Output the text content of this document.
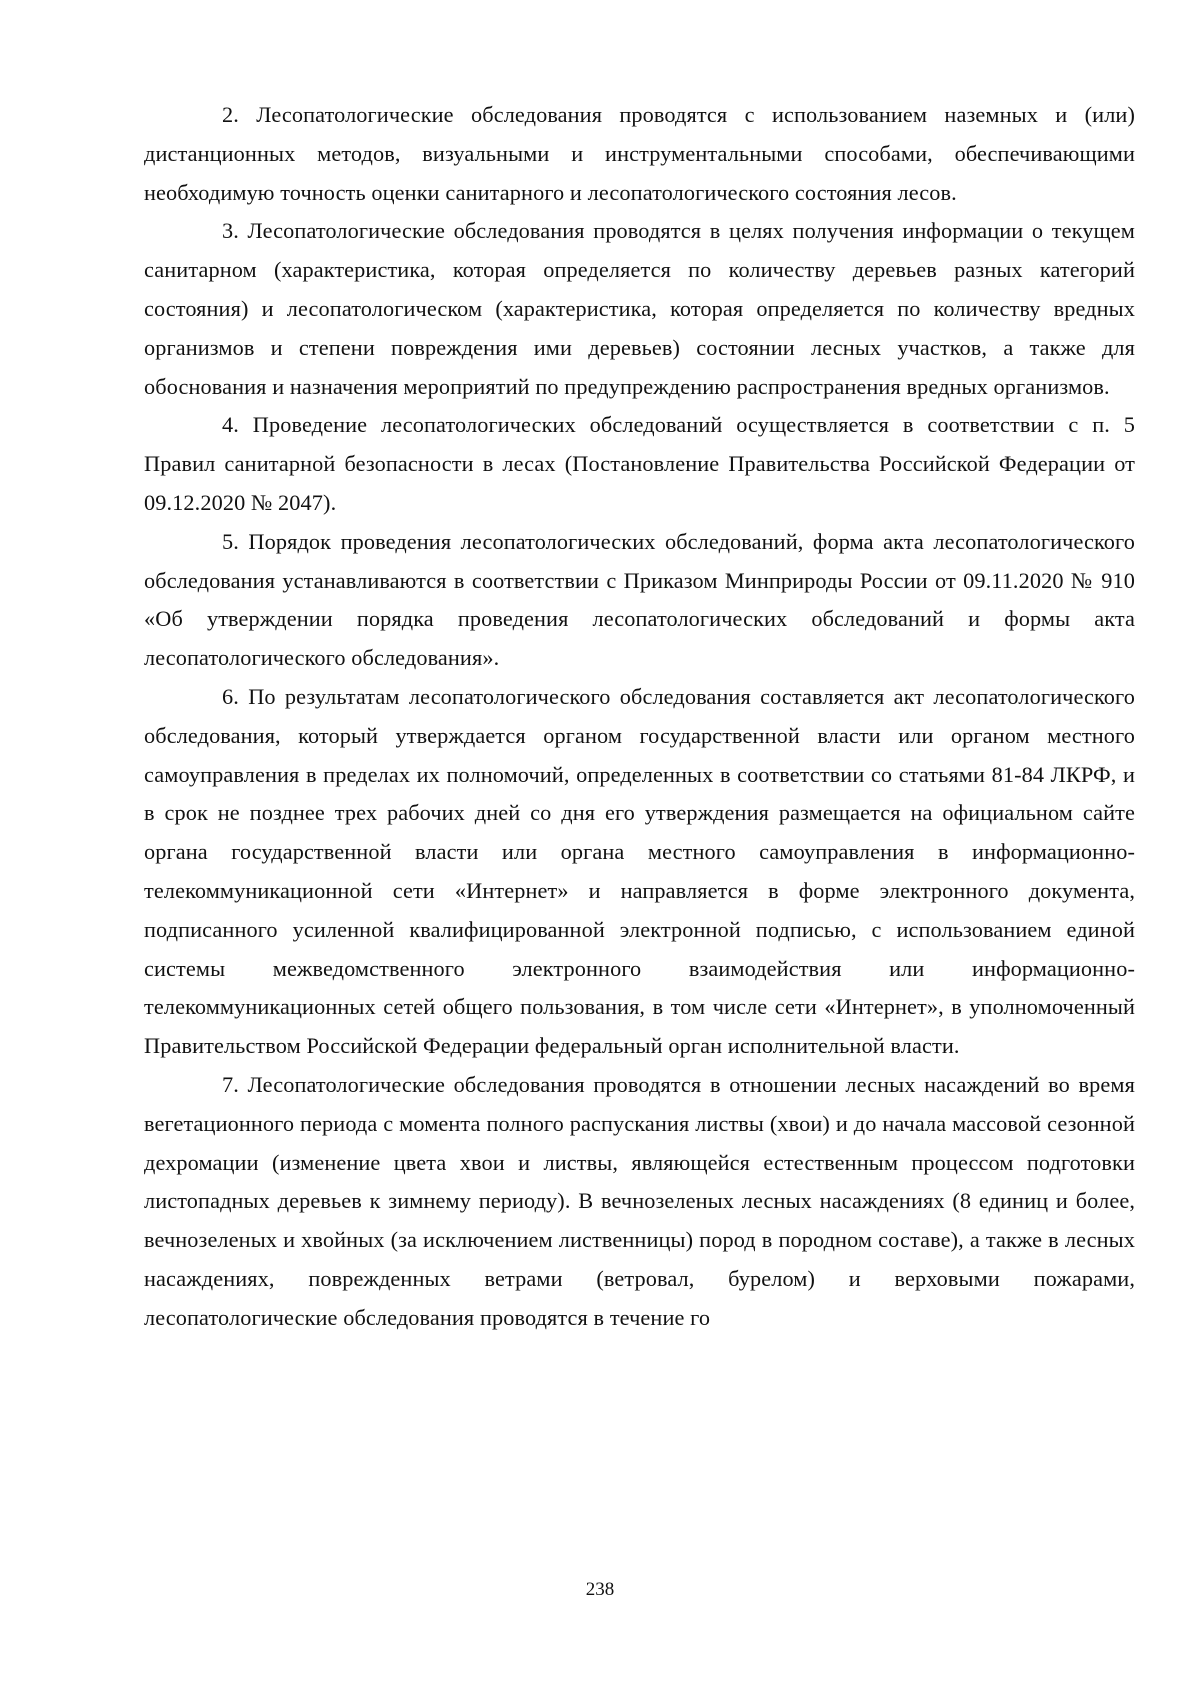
2. Лесопатологические обследования проводятся с использованием наземных и (или) дистанционных методов, визуальными и инструментальными способами, обеспечивающими необходимую точность оценки санитарного и лесопатологического состояния лесов.

3. Лесопатологические обследования проводятся в целях получения информации о текущем санитарном (характеристика, которая определяется по количеству деревьев разных категорий состояния) и лесопатологическом (характеристика, которая определяется по количеству вредных организмов и степени повреждения ими деревьев) состоянии лесных участков, а также для обоснования и назначения мероприятий по предупреждению распространения вредных организмов.

4. Проведение лесопатологических обследований осуществляется в соответствии с п. 5 Правил санитарной безопасности в лесах (Постановление Правительства Российской Федерации от 09.12.2020 № 2047).

5. Порядок проведения лесопатологических обследований, форма акта лесопатологического обследования устанавливаются в соответствии с Приказом Минприроды России от 09.11.2020 № 910 «Об утверждении порядка проведения лесопатологических обследований и формы акта лесопатологического обследования».

6. По результатам лесопатологического обследования составляется акт лесопатологического обследования, который утверждается органом государственной власти или органом местного самоуправления в пределах их полномочий, определенных в соответствии со статьями 81-84 ЛКРФ, и в срок не позднее трех рабочих дней со дня его утверждения размещается на официальном сайте органа государственной власти или органа местного самоуправления в информационно-телекоммуникационной сети «Интернет» и направляется в форме электронного документа, подписанного усиленной квалифицированной электронной подписью, с использованием единой системы межведомственного электронного взаимодействия или информационно-телекоммуникационных сетей общего пользования, в том числе сети «Интернет», в уполномоченный Правительством Российской Федерации федеральный орган исполнительной власти.

7. Лесопатологические обследования проводятся в отношении лесных насаждений во время вегетационного периода с момента полного распускания листвы (хвои) и до начала массовой сезонной дехромации (изменение цвета хвои и листвы, являющейся естественным процессом подготовки листопадных деревьев к зимнему периоду). В вечнозеленых лесных насаждениях (8 единиц и более, вечнозеленых и хвойных (за исключением лиственницы) пород в породном составе), а также в лесных насаждениях, поврежденных ветрами (ветровал, бурелом) и верховыми пожарами, лесопатологические обследования проводятся в течение го

238
